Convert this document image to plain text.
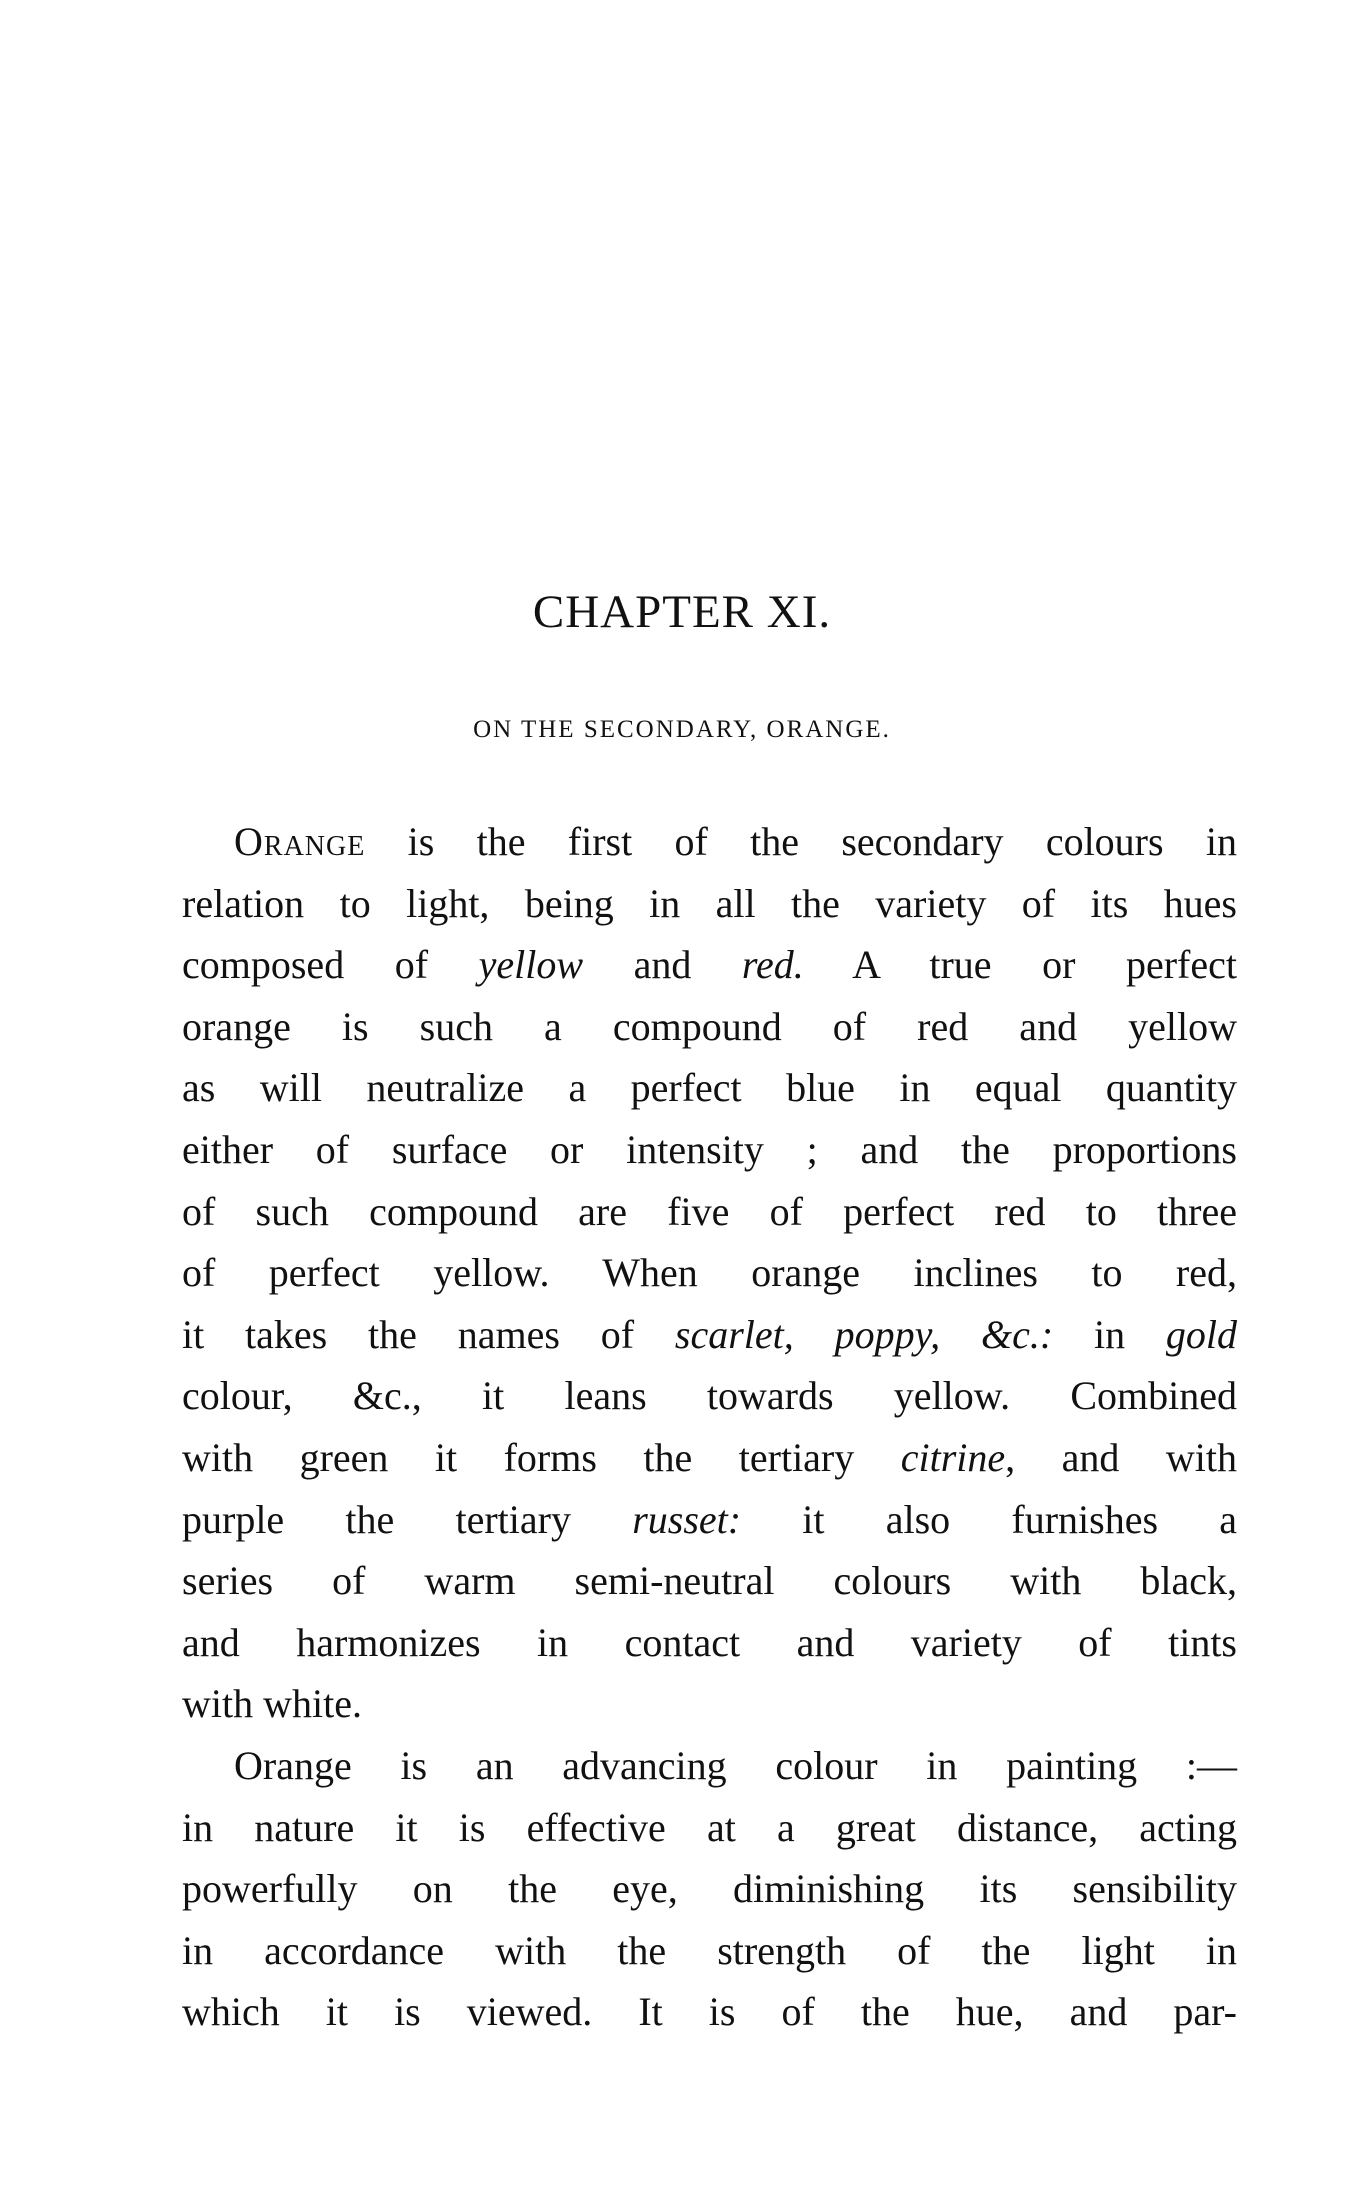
CHAPTER XI.
ON THE SECONDARY, ORANGE.
Orange is the first of the secondary colours in
relation to light, being in all the variety of its hues
composed of yellow and red. A true or perfect
orange is such a compound of red and yellow
as will neutralize a perfect blue in equal quantity
either of surface or intensity ; and the proportions
of such compound are five of perfect red to three
of perfect yellow. When orange inclines to red,
it takes the names of scarlet, poppy, &c.: in gold
colour, &c., it leans towards yellow. Combined
with green it forms the tertiary citrine, and with
purple the tertiary russet: it also furnishes a
series of warm semi-neutral colours with black,
and harmonizes in contact and variety of tints
with white.
Orange is an advancing colour in painting :—
in nature it is effective at a great distance, acting
powerfully on the eye, diminishing its sensibility
in accordance with the strength of the light in
which it is viewed. It is of the hue, and par-
